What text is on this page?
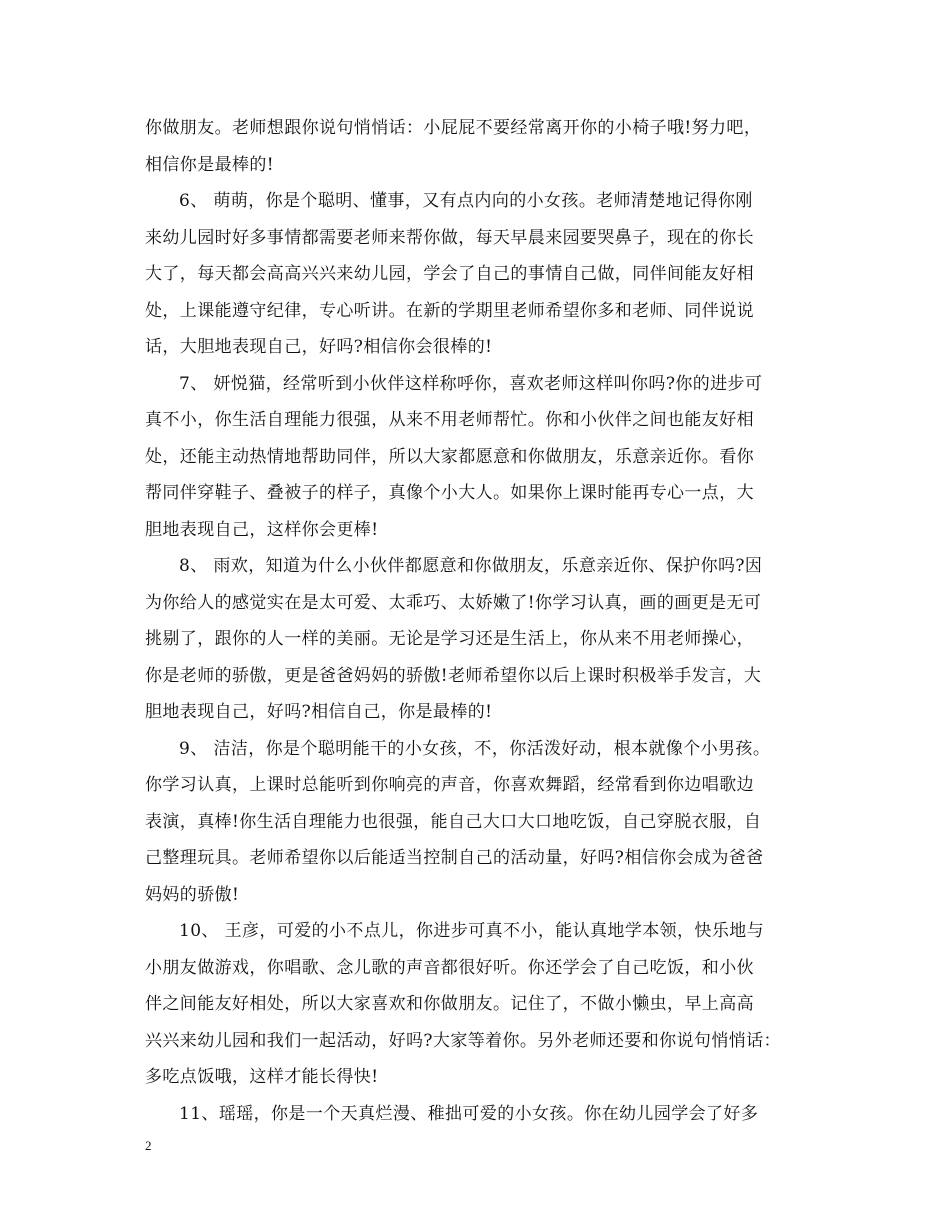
你做朋友。老师想跟你说句悄悄话：小屁屁不要经常离开你的小椅子哦!努力吧，
相信你是最棒的!
6、 萌萌，你是个聪明、懂事，又有点内向的小女孩。老师清楚地记得你刚
来幼儿园时好多事情都需要老师来帮你做，每天早晨来园要哭鼻子，现在的你长
大了，每天都会高高兴兴来幼儿园，学会了自己的事情自己做，同伴间能友好相
处，上课能遵守纪律，专心听讲。在新的学期里老师希望你多和老师、同伴说说
话，大胆地表现自己，好吗?相信你会很棒的!
7、 妍悦猫，经常听到小伙伴这样称呼你，喜欢老师这样叫你吗?你的进步可
真不小，你生活自理能力很强，从来不用老师帮忙。你和小伙伴之间也能友好相
处，还能主动热情地帮助同伴，所以大家都愿意和你做朋友，乐意亲近你。看你
帮同伴穿鞋子、叠被子的样子，真像个小大人。如果你上课时能再专心一点，大
胆地表现自己，这样你会更棒!
8、 雨欢，知道为什么小伙伴都愿意和你做朋友，乐意亲近你、保护你吗?因
为你给人的感觉实在是太可爱、太乖巧、太娇嫩了!你学习认真，画的画更是无可
挑剔了，跟你的人一样的美丽。无论是学习还是生活上，你从来不用老师操心，
你是老师的骄傲，更是爸爸妈妈的骄傲!老师希望你以后上课时积极举手发言，大
胆地表现自己，好吗?相信自己，你是最棒的!
9、 洁洁，你是个聪明能干的小女孩，不，你活泼好动，根本就像个小男孩。
你学习认真，上课时总能听到你响亮的声音，你喜欢舞蹈，经常看到你边唱歌边
表演，真棒!你生活自理能力也很强，能自己大口大口地吃饭，自己穿脱衣服，自
己整理玩具。老师希望你以后能适当控制自己的活动量，好吗?相信你会成为爸爸
妈妈的骄傲!
10、 王彦，可爱的小不点儿，你进步可真不小，能认真地学本领，快乐地与
小朋友做游戏，你唱歌、念儿歌的声音都很好听。你还学会了自己吃饭，和小伙
伴之间能友好相处，所以大家喜欢和你做朋友。记住了，不做小懒虫，早上高高
兴兴来幼儿园和我们一起活动，好吗?大家等着你。另外老师还要和你说句悄悄话：
多吃点饭哦，这样才能长得快!
11、瑶瑶，你是一个天真烂漫、稚拙可爱的小女孩。你在幼儿园学会了好多
2
